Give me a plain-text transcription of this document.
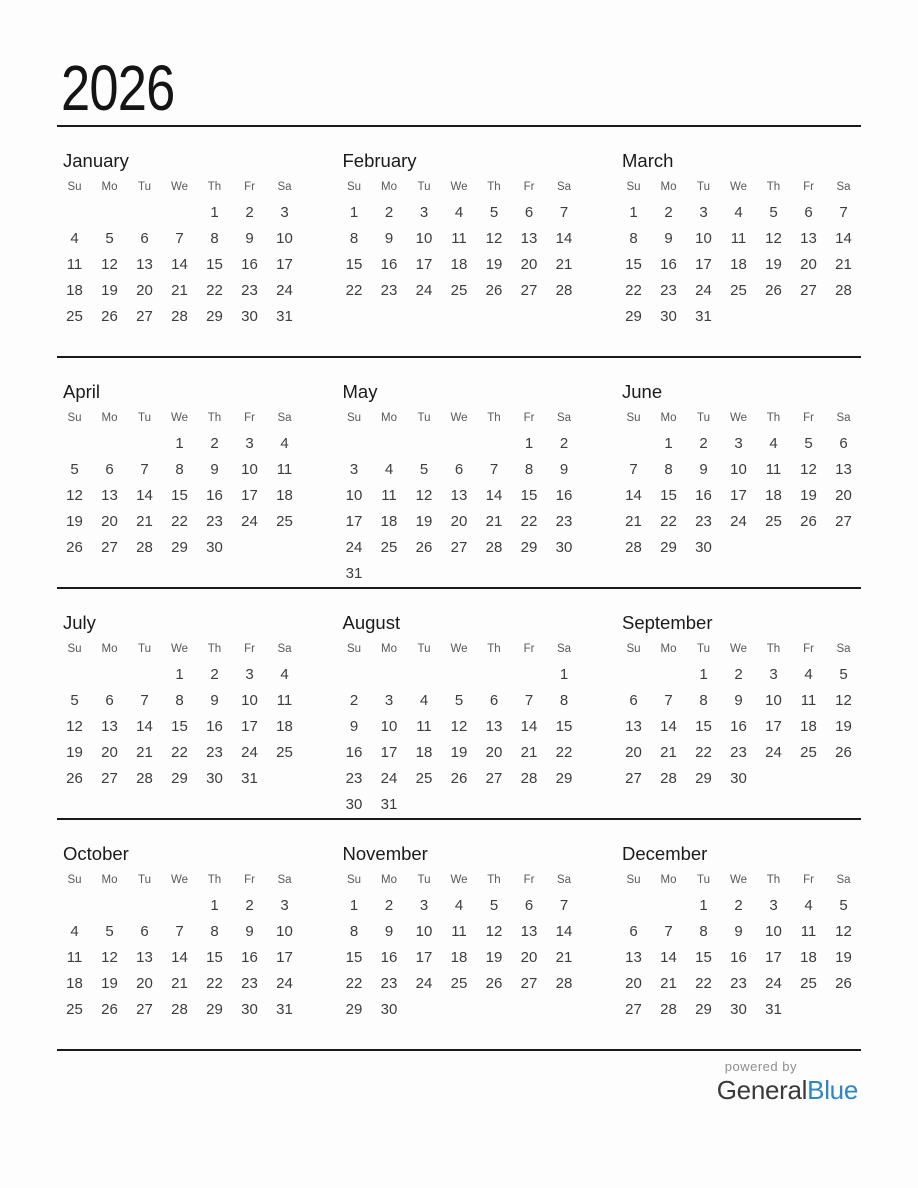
2026
January
Su	Mo	Tu	We	Th	Fr	Sa
				1	2	3
4	5	6	7	8	9	10
11	12	13	14	15	16	17
18	19	20	21	22	23	24
25	26	27	28	29	30	31
February
Su	Mo	Tu	We	Th	Fr	Sa
1	2	3	4	5	6	7
8	9	10	11	12	13	14
15	16	17	18	19	20	21
22	23	24	25	26	27	28
March
Su	Mo	Tu	We	Th	Fr	Sa
1	2	3	4	5	6	7
8	9	10	11	12	13	14
15	16	17	18	19	20	21
22	23	24	25	26	27	28
29	30	31				
April
Su	Mo	Tu	We	Th	Fr	Sa
			1	2	3	4
5	6	7	8	9	10	11
12	13	14	15	16	17	18
19	20	21	22	23	24	25
26	27	28	29	30		
May
Su	Mo	Tu	We	Th	Fr	Sa
					1	2
3	4	5	6	7	8	9
10	11	12	13	14	15	16
17	18	19	20	21	22	23
24	25	26	27	28	29	30
31						
June
Su	Mo	Tu	We	Th	Fr	Sa
	1	2	3	4	5	6
7	8	9	10	11	12	13
14	15	16	17	18	19	20
21	22	23	24	25	26	27
28	29	30				
July
Su	Mo	Tu	We	Th	Fr	Sa
			1	2	3	4
5	6	7	8	9	10	11
12	13	14	15	16	17	18
19	20	21	22	23	24	25
26	27	28	29	30	31	
August
Su	Mo	Tu	We	Th	Fr	Sa
						1
2	3	4	5	6	7	8
9	10	11	12	13	14	15
16	17	18	19	20	21	22
23	24	25	26	27	28	29
30	31					
September
Su	Mo	Tu	We	Th	Fr	Sa
		1	2	3	4	5
6	7	8	9	10	11	12
13	14	15	16	17	18	19
20	21	22	23	24	25	26
27	28	29	30			
October
Su	Mo	Tu	We	Th	Fr	Sa
				1	2	3
4	5	6	7	8	9	10
11	12	13	14	15	16	17
18	19	20	21	22	23	24
25	26	27	28	29	30	31
November
Su	Mo	Tu	We	Th	Fr	Sa
1	2	3	4	5	6	7
8	9	10	11	12	13	14
15	16	17	18	19	20	21
22	23	24	25	26	27	28
29	30					
December
Su	Mo	Tu	We	Th	Fr	Sa
		1	2	3	4	5
6	7	8	9	10	11	12
13	14	15	16	17	18	19
20	21	22	23	24	25	26
27	28	29	30	31		
powered by
GeneralBlue
